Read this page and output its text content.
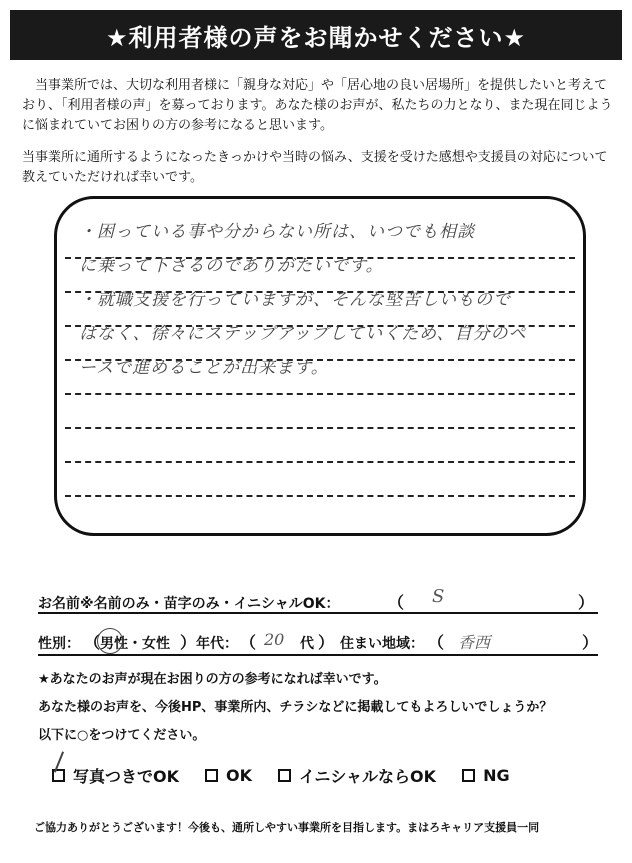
★利用者様の声をお聞かせください★

当事業所では、大切な利用者様に「親身な対応」や「居心地の良い居場所」を提供したいと考えており、「利用者様の声」を募っております。あなた様のお声が、私たちの力となり、また現在同じように悩まれていてお困りの方の参考になると思います。

当事業所に通所するようになったきっかけや当時の悩み、支援を受けた感想や支援員の対応について教えていただければ幸いです。

・困っている事や分からない所は、いつでも相談
に乗って下さるのでありがたいです。
・就職支援を行っていますが、そんな堅苦しいもので
はなく、徐々にステップアップしていくため、自分のペ
ースで進めることが出来ます。
お名前※名前のみ・苗字のみ・イニシャルOK：	（ S	）
性別： （ 男性・女性 ） 年代： （ 20 代 ） 住まい地域： （ 香西	）
★あなたのお声が現在お困りの方の参考になれば幸いです。
あなた様のお声を、今後HP、事業所内、チラシなどに掲載してもよろしいでしょうか？
以下に○をつけてください。
写真つきでOK	OK	イニシャルならOK	NG
ご協力ありがとうございます！今後も、通所しやすい事業所を目指します。まはろキャリア支援員一同
